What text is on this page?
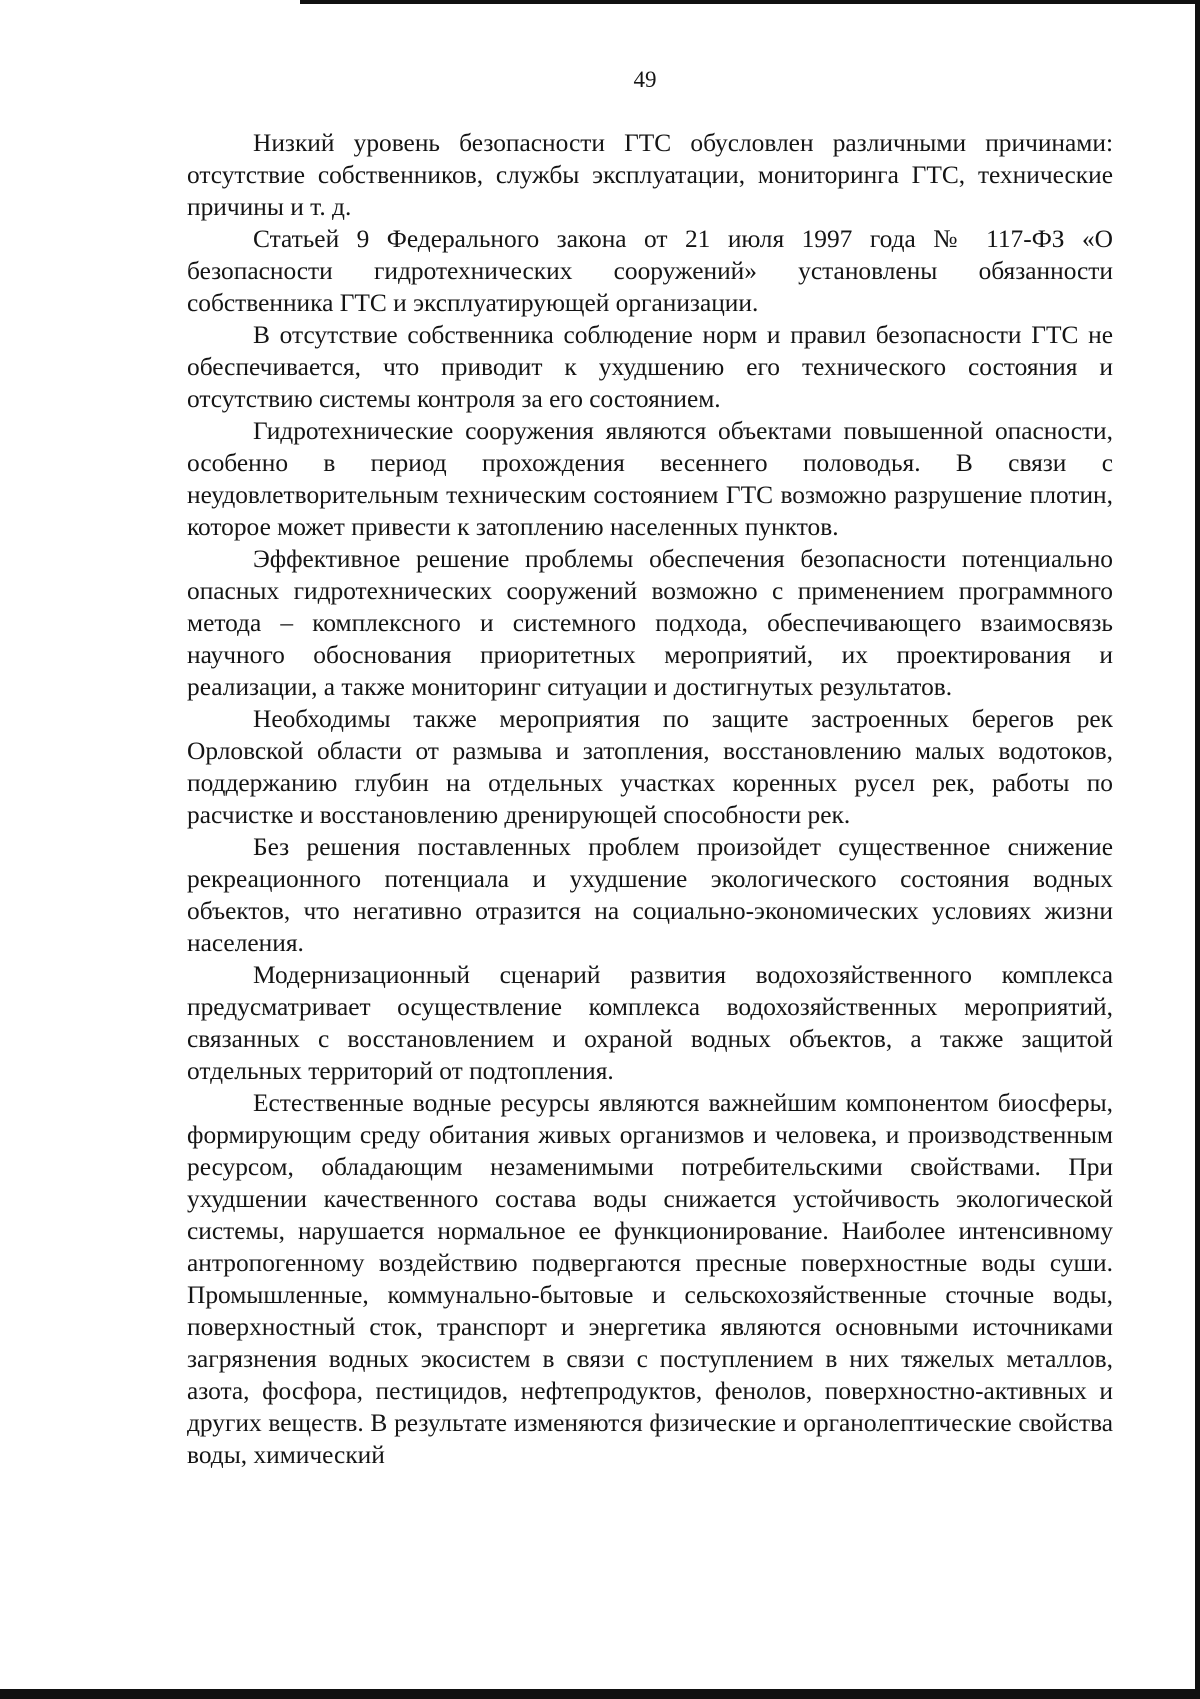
49

Низкий уровень безопасности ГТС обусловлен различными причинами: отсутствие собственников, службы эксплуатации, мониторинга ГТС, технические причины и т. д.

Статьей 9 Федерального закона от 21 июля 1997 года № 117-ФЗ «О безопасности гидротехнических сооружений» установлены обязанности собственника ГТС и эксплуатирующей организации.

В отсутствие собственника соблюдение норм и правил безопасности ГТС не обеспечивается, что приводит к ухудшению его технического состояния и отсутствию системы контроля за его состоянием.

Гидротехнические сооружения являются объектами повышенной опасности, особенно в период прохождения весеннего половодья. В связи с неудовлетворительным техническим состоянием ГТС возможно разрушение плотин, которое может привести к затоплению населенных пунктов.

Эффективное решение проблемы обеспечения безопасности потенциально опасных гидротехнических сооружений возможно с применением программного метода – комплексного и системного подхода, обеспечивающего взаимосвязь научного обоснования приоритетных мероприятий, их проектирования и реализации, а также мониторинг ситуации и достигнутых результатов.

Необходимы также мероприятия по защите застроенных берегов рек Орловской области от размыва и затопления, восстановлению малых водотоков, поддержанию глубин на отдельных участках коренных русел рек, работы по расчистке и восстановлению дренирующей способности рек.

Без решения поставленных проблем произойдет существенное снижение рекреационного потенциала и ухудшение экологического состояния водных объектов, что негативно отразится на социально-экономических условиях жизни населения.

Модернизационный сценарий развития водохозяйственного комплекса предусматривает осуществление комплекса водохозяйственных мероприятий, связанных с восстановлением и охраной водных объектов, а также защитой отдельных территорий от подтопления.

Естественные водные ресурсы являются важнейшим компонентом биосферы, формирующим среду обитания живых организмов и человека, и производственным ресурсом, обладающим незаменимыми потребительскими свойствами. При ухудшении качественного состава воды снижается устойчивость экологической системы, нарушается нормальное ее функционирование. Наиболее интенсивному антропогенному воздействию подвергаются пресные поверхностные воды суши. Промышленные, коммунально-бытовые и сельскохозяйственные сточные воды, поверхностный сток, транспорт и энергетика являются основными источниками загрязнения водных экосистем в связи с поступлением в них тяжелых металлов, азота, фосфора, пестицидов, нефтепродуктов, фенолов, поверхностно-активных и других веществ. В результате изменяются физические и органолептические свойства воды, химический
